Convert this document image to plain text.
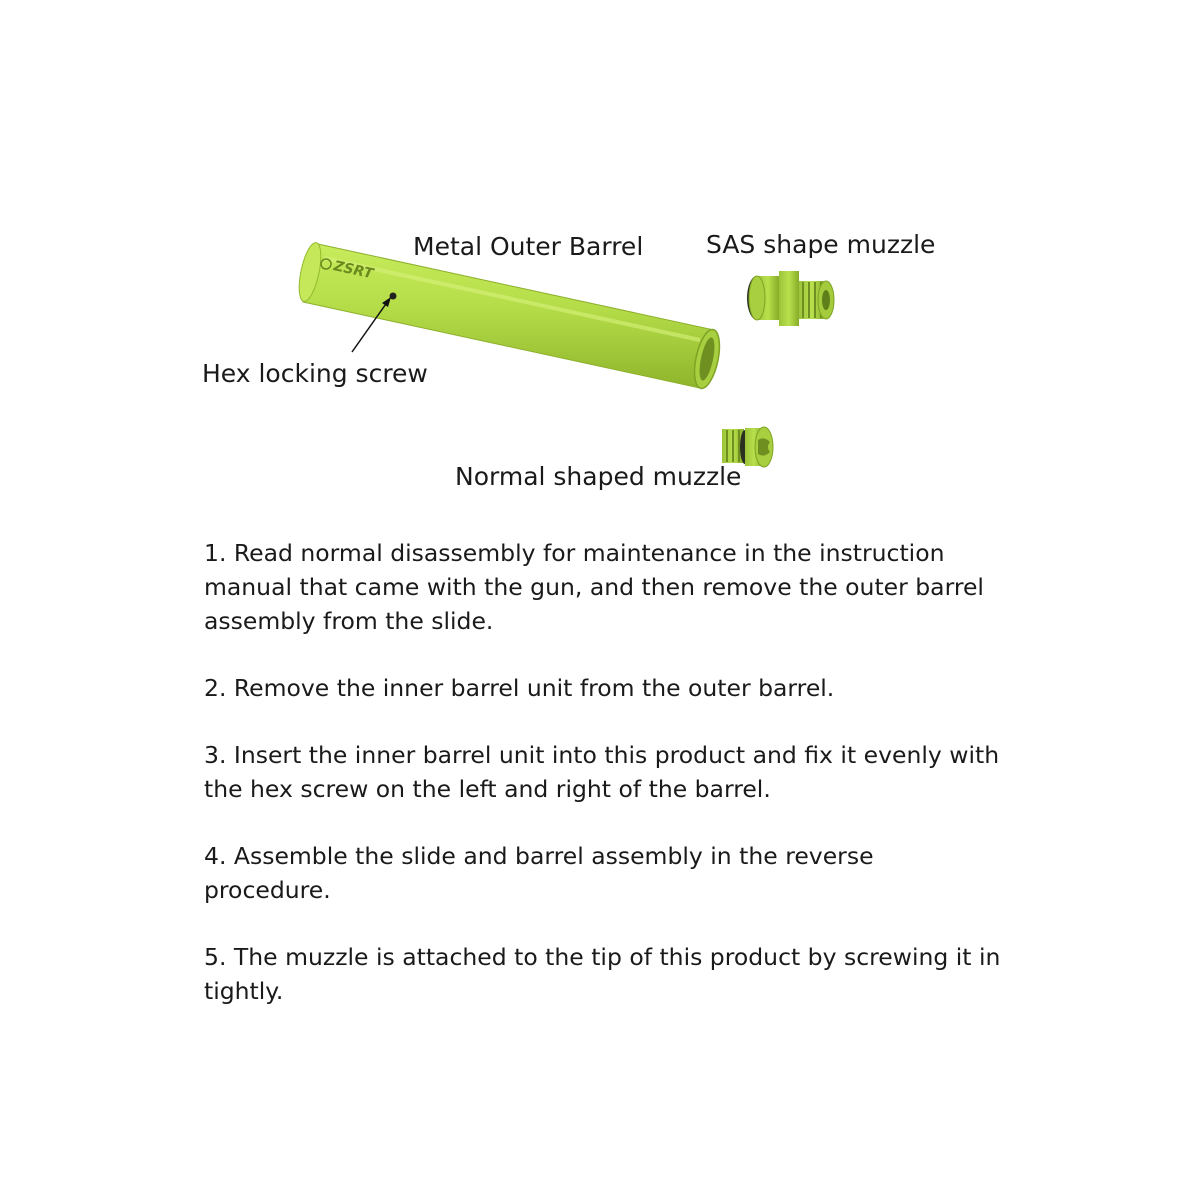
ZSRT
Metal Outer Barrel	SAS shape muzzle
Hex locking screw
Normal shaped muzzle
1. Read normal disassembly for maintenance in the instruction manual that came with the gun, and then remove the outer barrel assembly from the slide.
2. Remove the inner barrel unit from the outer barrel.
3. Insert the inner barrel unit into this product and fix it evenly with the hex screw on the left and right of the barrel.
4. Assemble the slide and barrel assembly in the reverse procedure.
5. The muzzle is attached to the tip of this product by screwing it in tightly.
